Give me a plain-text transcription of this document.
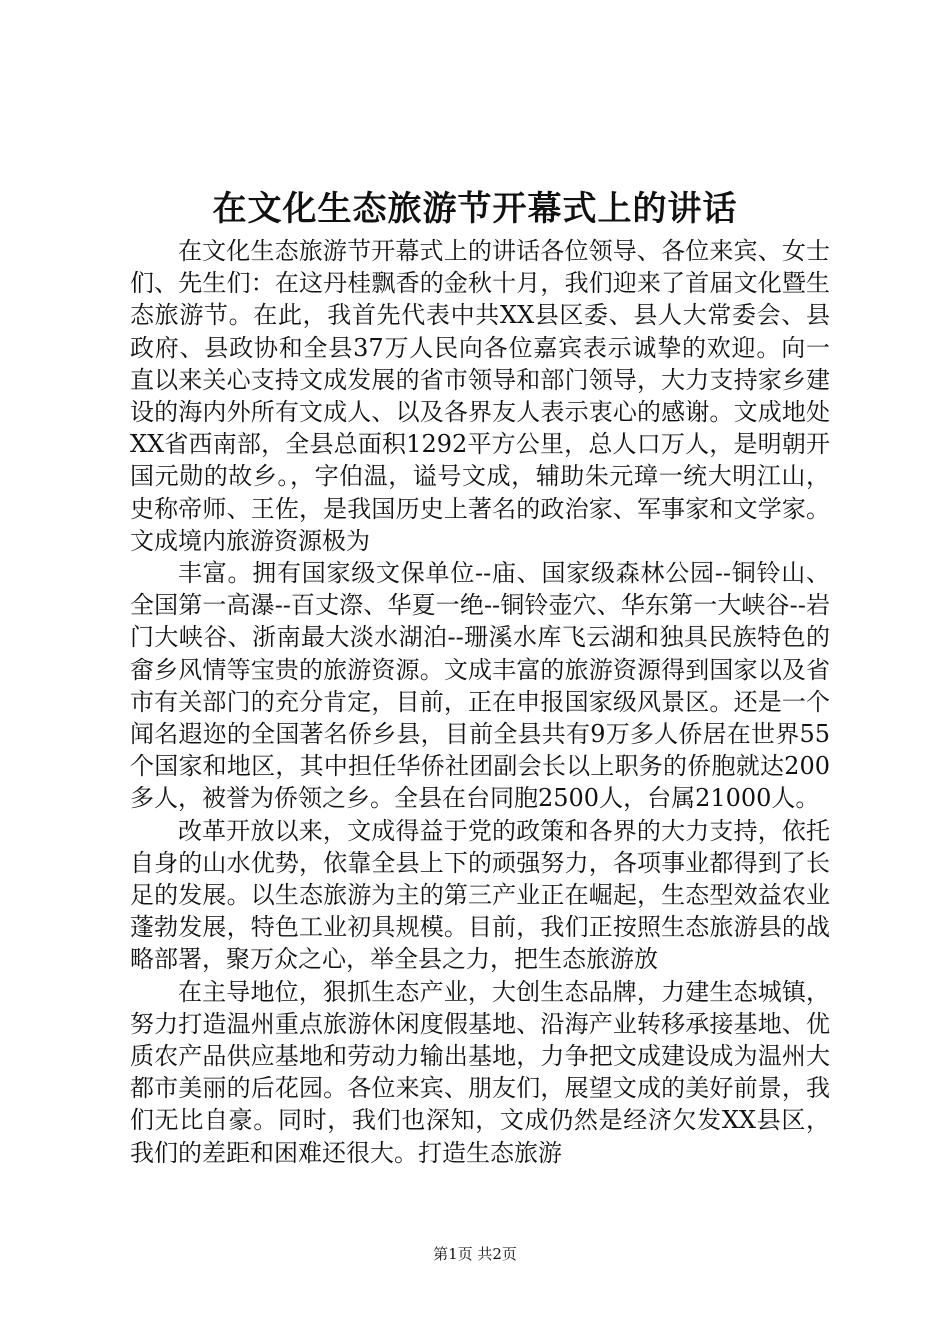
在文化生态旅游节开幕式上的讲话

在文化生态旅游节开幕式上的讲话各位领导、各位来宾、女士们、先生们：在这丹桂飘香的金秋十月，我们迎来了首届文化暨生态旅游节。在此，我首先代表中共XX县区委、县人大常委会、县政府、县政协和全县37万人民向各位嘉宾表示诚挚的欢迎。向一直以来关心支持文成发展的省市领导和部门领导，大力支持家乡建设的海内外所有文成人、以及各界友人表示衷心的感谢。文成地处XX省西南部，全县总面积1292平方公里，总人口万人，是明朝开国元勋的故乡。，字伯温，谥号文成，辅助朱元璋一统大明江山，史称帝师、王佐，是我国历史上著名的政治家、军事家和文学家。文成境内旅游资源极为

丰富。拥有国家级文保单位--庙、国家级森林公园--铜铃山、全国第一高瀑--百丈漈、华夏一绝--铜铃壶穴、华东第一大峡谷--岩门大峡谷、浙南最大淡水湖泊--珊溪水库飞云湖和独具民族特色的畲乡风情等宝贵的旅游资源。文成丰富的旅游资源得到国家以及省市有关部门的充分肯定，目前，正在申报国家级风景区。还是一个闻名遐迩的全国著名侨乡县，目前全县共有9万多人侨居在世界55个国家和地区，其中担任华侨社团副会长以上职务的侨胞就达200多人，被誉为侨领之乡。全县在台同胞2500人，台属21000人。

改革开放以来，文成得益于党的政策和各界的大力支持，依托自身的山水优势，依靠全县上下的顽强努力，各项事业都得到了长足的发展。以生态旅游为主的第三产业正在崛起，生态型效益农业蓬勃发展，特色工业初具规模。目前，我们正按照生态旅游县的战略部署，聚万众之心，举全县之力，把生态旅游放

在主导地位，狠抓生态产业，大创生态品牌，力建生态城镇，努力打造温州重点旅游休闲度假基地、沿海产业转移承接基地、优质农产品供应基地和劳动力输出基地，力争把文成建设成为温州大都市美丽的后花园。各位来宾、朋友们，展望文成的美好前景，我们无比自豪。同时，我们也深知，文成仍然是经济欠发XX县区，我们的差距和困难还很大。打造生态旅游

第1页 共2页
